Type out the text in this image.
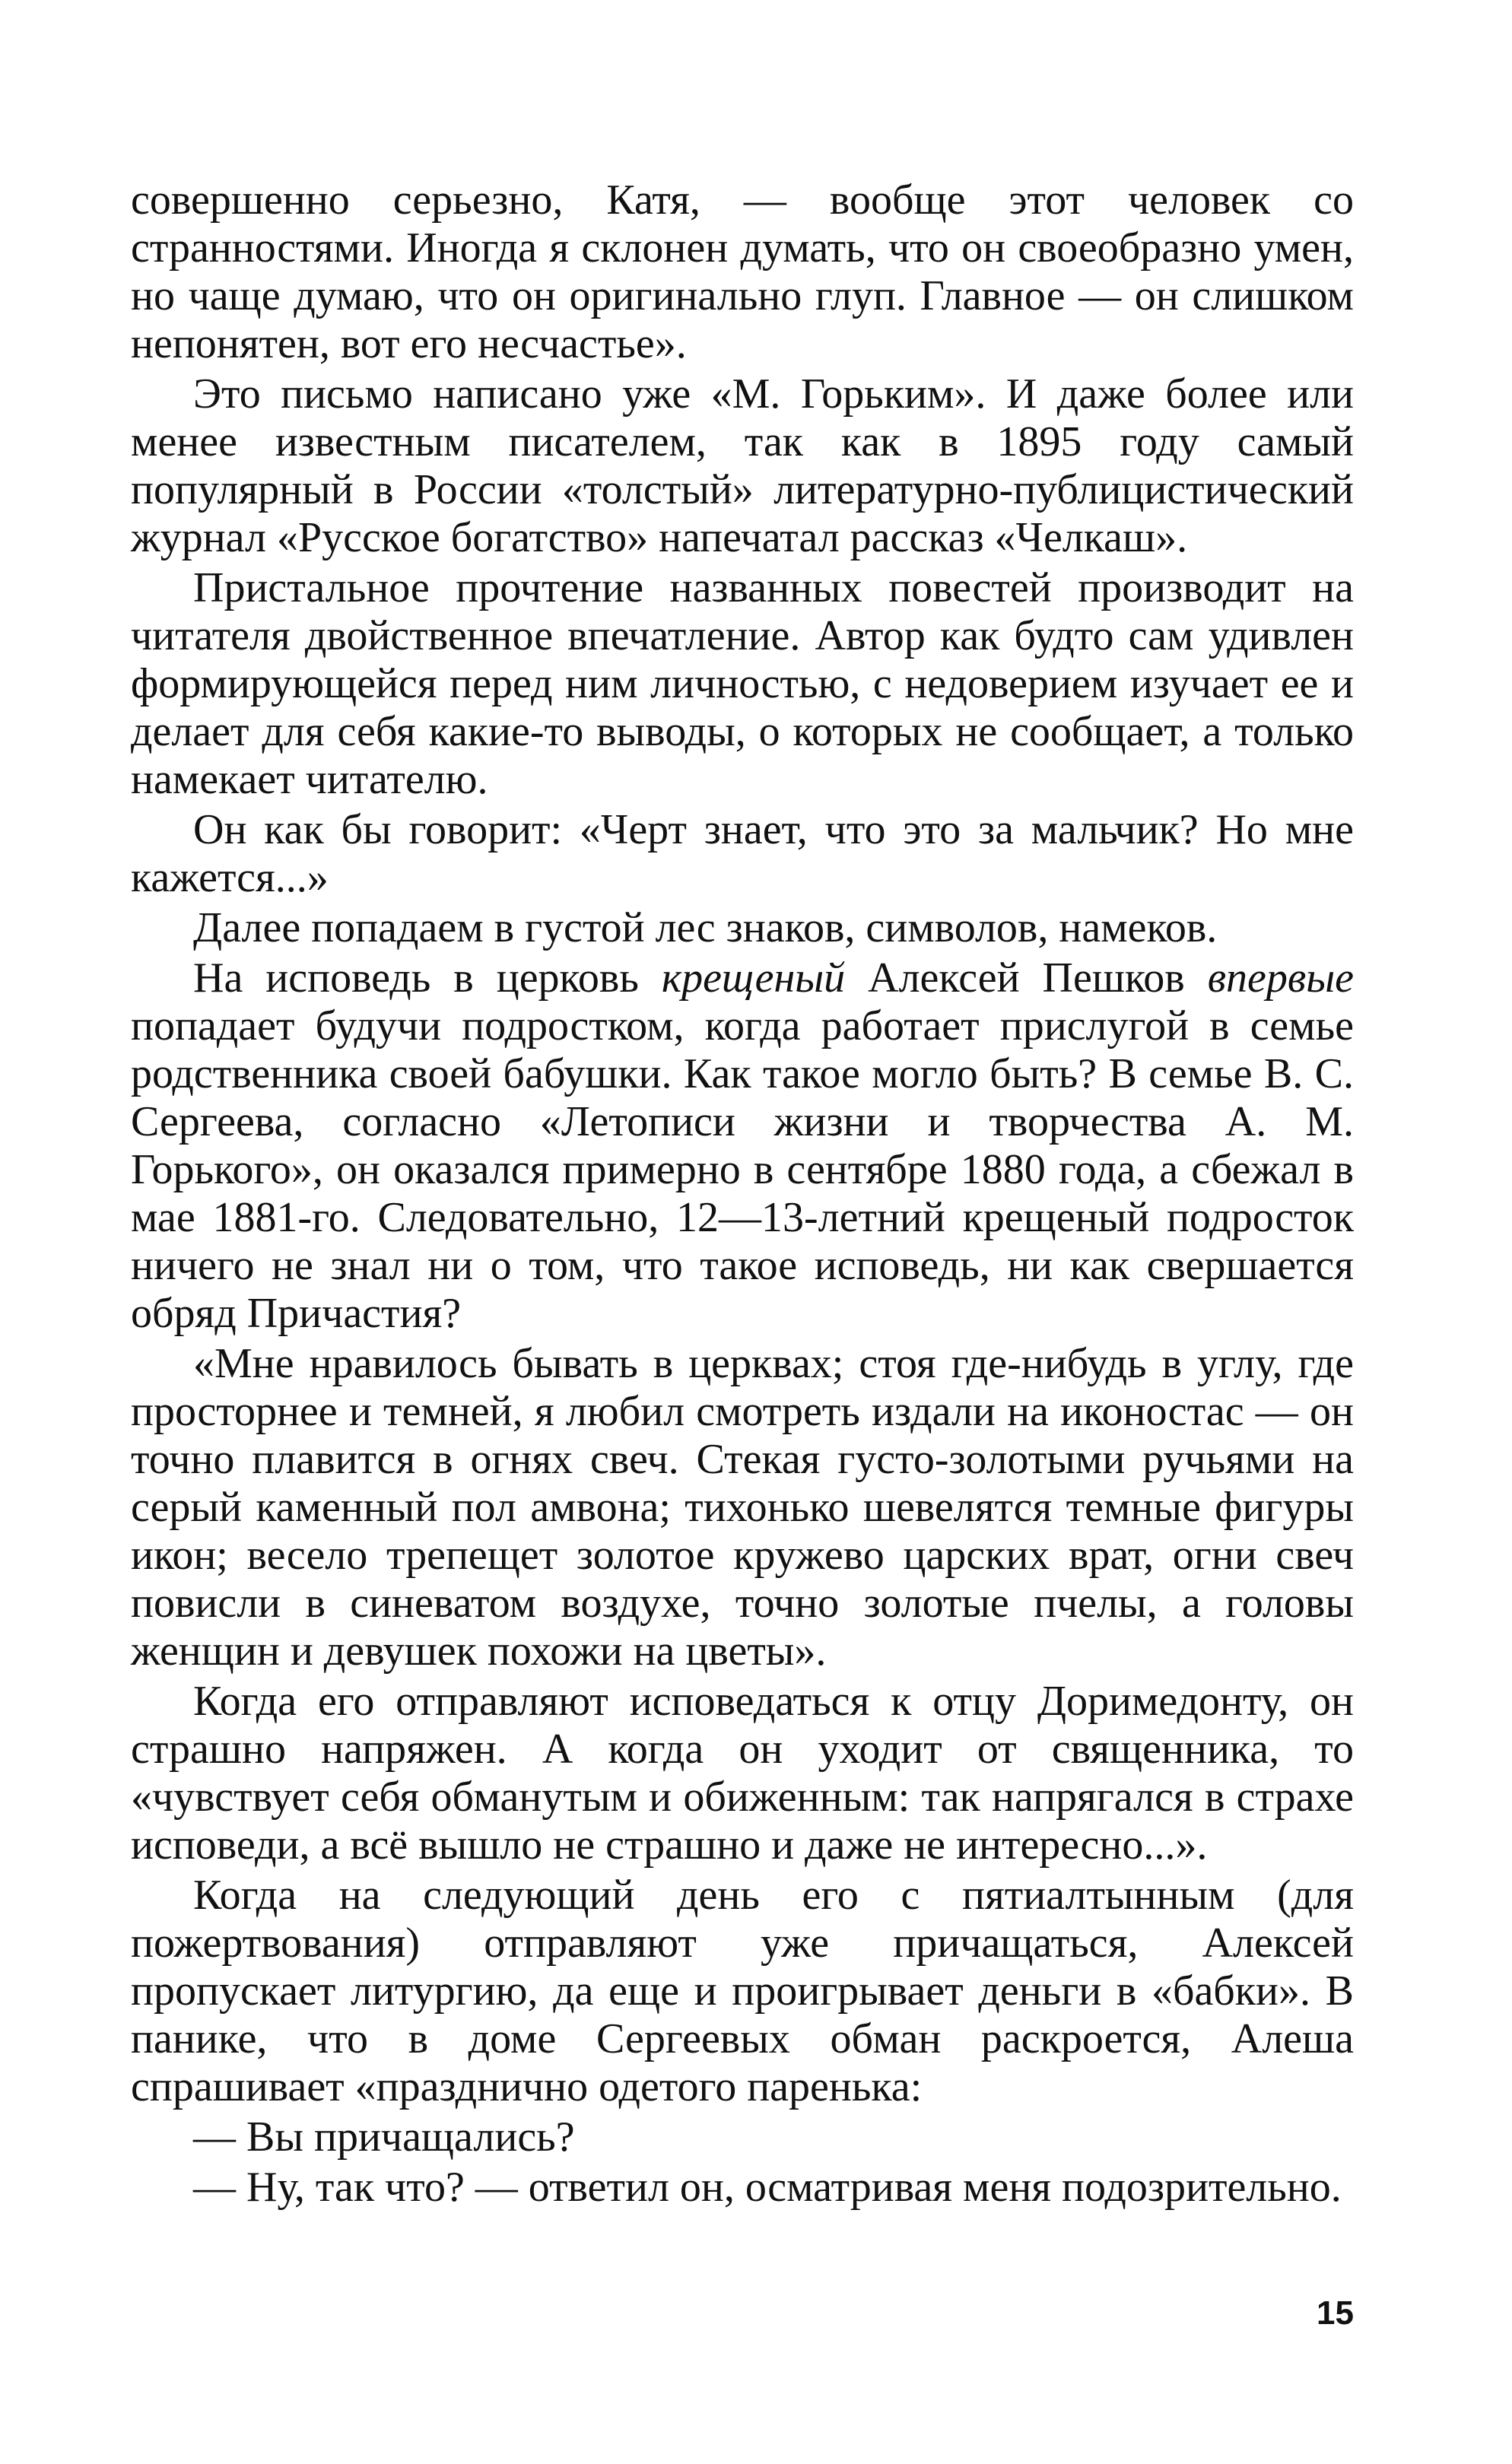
совершенно серьезно, Катя, — вообще этот человек со странностями. Иногда я склонен думать, что он своеобразно умен, но чаще думаю, что он оригинально глуп. Главное — он слишком непонятен, вот его несчастье».

Это письмо написано уже «М. Горьким». И даже более или менее известным писателем, так как в 1895 году самый популярный в России «толстый» литературно-публицистический журнал «Русское богатство» напечатал рассказ «Челкаш».

Пристальное прочтение названных повестей производит на читателя двойственное впечатление. Автор как будто сам удивлен формирующейся перед ним личностью, с недоверием изучает ее и делает для себя какие-то выводы, о которых не сообщает, а только намекает читателю.

Он как бы говорит: «Черт знает, что это за мальчик? Но мне кажется...»

Далее попадаем в густой лес знаков, символов, намеков.

На исповедь в церковь крещеный Алексей Пешков впервые попадает будучи подростком, когда работает прислугой в семье родственника своей бабушки. Как такое могло быть? В семье В. С. Сергеева, согласно «Летописи жизни и творчества А. М. Горького», он оказался примерно в сентябре 1880 года, а сбежал в мае 1881-го. Следовательно, 12—13-летний крещеный подросток ничего не знал ни о том, что такое исповедь, ни как свершается обряд Причастия?

«Мне нравилось бывать в церквах; стоя где-нибудь в углу, где просторнее и темней, я любил смотреть издали на иконостас — он точно плавится в огнях свеч. Стекая густо-золотыми ручьями на серый каменный пол амвона; тихонько шевелятся темные фигуры икон; весело трепещет золотое кружево царских врат, огни свеч повисли в синеватом воздухе, точно золотые пчелы, а головы женщин и девушек похожи на цветы».

Когда его отправляют исповедаться к отцу Доримедонту, он страшно напряжен. А когда он уходит от священника, то «чувствует себя обманутым и обиженным: так напрягался в страхе исповеди, а всё вышло не страшно и даже не интересно...».

Когда на следующий день его с пятиалтынным (для пожертвования) отправляют уже причащаться, Алексей пропускает литургию, да еще и проигрывает деньги в «бабки». В панике, что в доме Сергеевых обман раскроется, Алеша спрашивает «празднично одетого паренька:

— Вы причащались?

— Ну, так что? — ответил он, осматривая меня подозрительно.

15
